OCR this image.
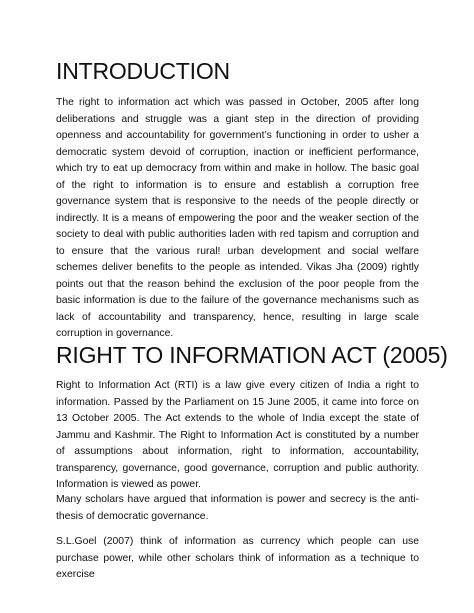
INTRODUCTION

The right to information act which was passed in October, 2005 after long deliberations and struggle was a giant step in the direction of providing openness and accountability for government’s functioning in order to usher a democratic system devoid of corruption, inaction or inefficient performance, which try to eat up democracy from within and make in hollow. The basic goal of the right to information is to ensure and establish a corruption free governance system that is responsive to the needs of the people directly or indirectly. It is a means of empowering the poor and the weaker section of the society to deal with public authorities laden with red tapism and corruption and to ensure that the various rural! urban development and social welfare schemes deliver benefits to the people as intended. Vikas Jha (2009) rightly points out that the reason behind the exclusion of the poor people from the basic information is due to the failure of the governance mechanisms such as lack of accountability and transparency, hence, resulting in large scale corruption in governance.

RIGHT TO INFORMATION ACT (2005)

Right to Information Act (RTI) is a law give every citizen of India a right to information. Passed by the Parliament on 15 June 2005, it came into force on 13 October 2005. The Act extends to the whole of India except the state of Jammu and Kashmir. The Right to Information Act is constituted by a number of assumptions about information, right to information, accountability, transparency, governance, good governance, corruption and public authority. Information is viewed as power.

Many scholars have argued that information is power and secrecy is the anti-thesis of democratic governance.

S.L.Goel (2007) think of information as currency which people can use purchase power, while other scholars think of information as a technique to exercise
